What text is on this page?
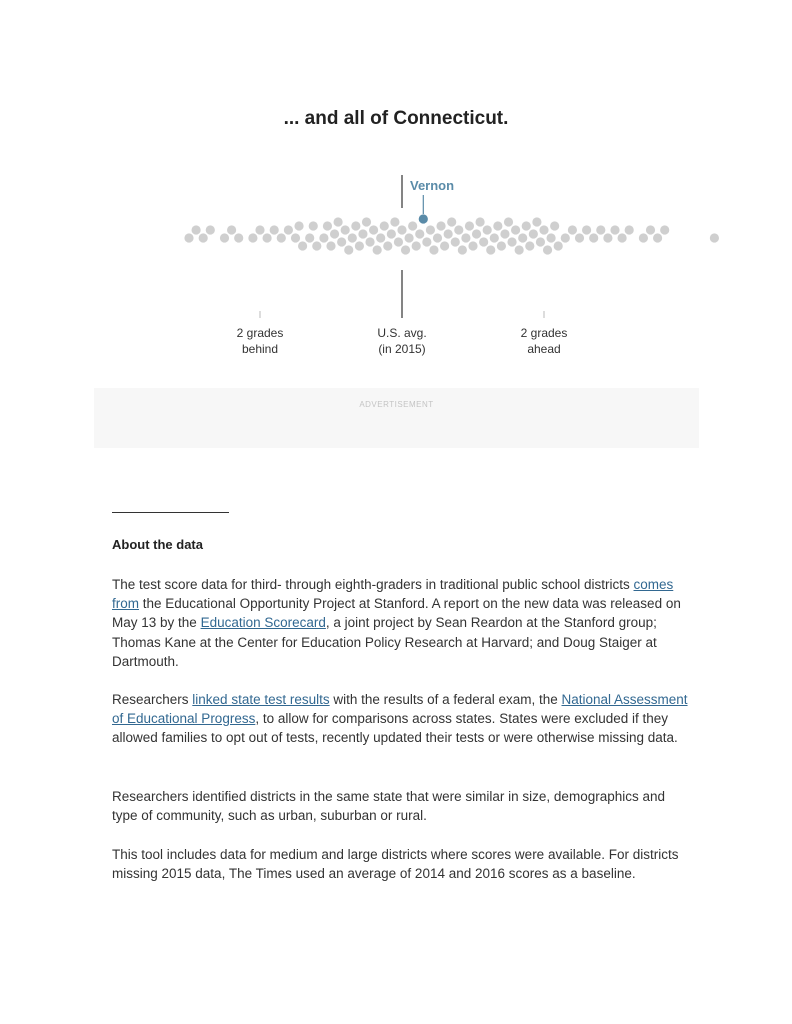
... and all of Connecticut.
Vernon
2 grades
behind
U.S. avg.
(in 2015)
2 grades
ahead
ADVERTISEMENT
About the data

The test score data for third- through eighth-graders in traditional public school districts comes from the Educational Opportunity Project at Stanford. A report on the new data was released on May 13 by the Education Scorecard, a joint project by Sean Reardon at the Stanford group; Thomas Kane at the Center for Education Policy Research at Harvard; and Doug Staiger at Dartmouth.

Researchers linked state test results with the results of a federal exam, the National Assessment of Educational Progress, to allow for comparisons across states. States were excluded if they allowed families to opt out of tests, recently updated their tests or were otherwise missing data.

Researchers identified districts in the same state that were similar in size, demographics and type of community, such as urban, suburban or rural.

This tool includes data for medium and large districts where scores were available. For districts missing 2015 data, The Times used an average of 2014 and 2016 scores as a baseline.
